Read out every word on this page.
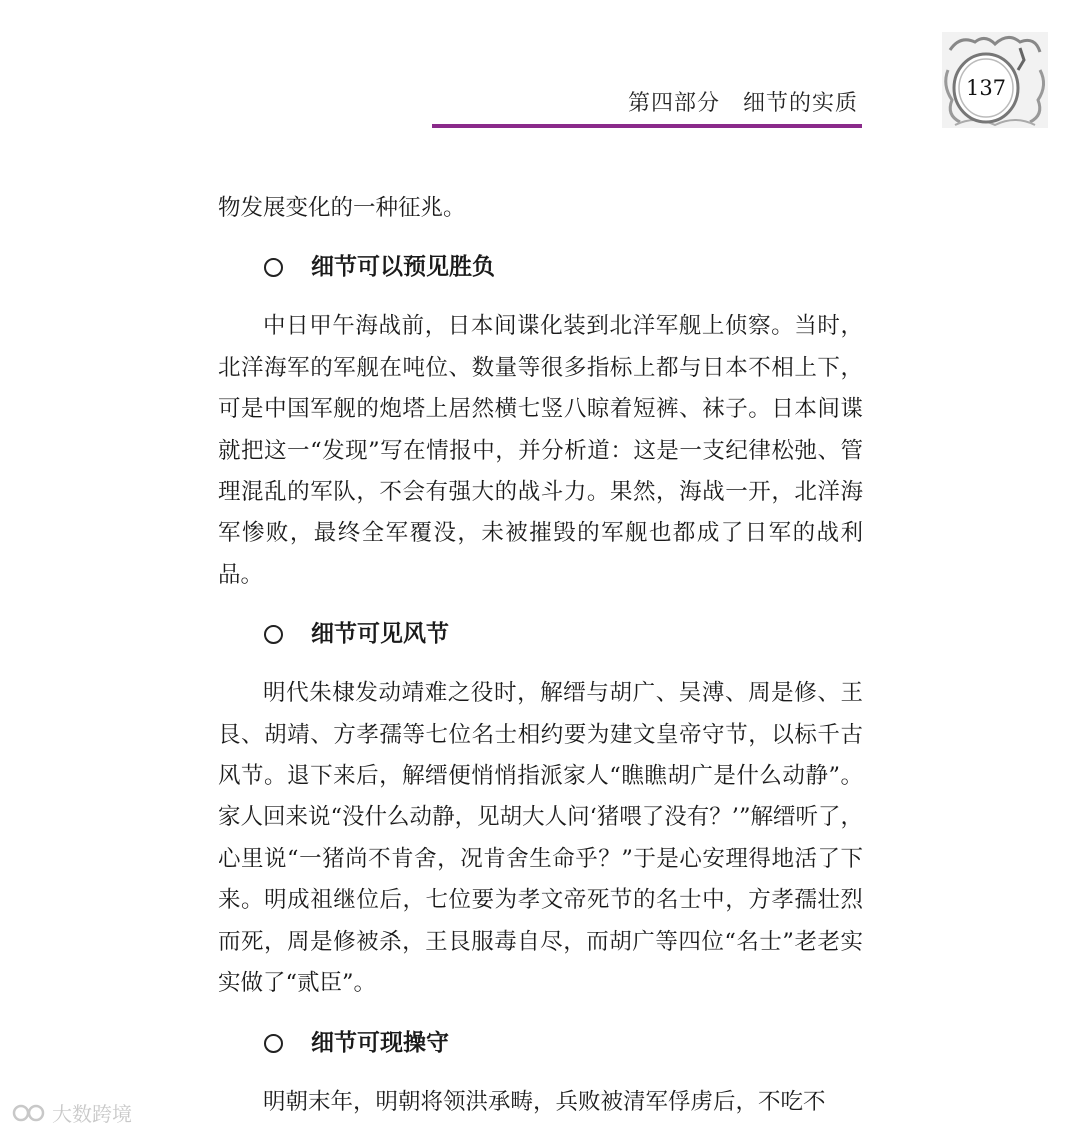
第四部分　细节的实质
137

物发展变化的一种征兆。

细节可以预见胜负

中日甲午海战前，日本间谍化装到北洋军舰上侦察。当时，北洋海军的军舰在吨位、数量等很多指标上都与日本不相上下，可是中国军舰的炮塔上居然横七竖八晾着短裤、袜子。日本间谍就把这一“发现”写在情报中，并分析道：这是一支纪律松弛、管理混乱的军队，不会有强大的战斗力。果然，海战一开，北洋海军惨败，最终全军覆没，未被摧毁的军舰也都成了日军的战利品。

细节可见风节

明代朱棣发动靖难之役时，解缙与胡广、吴溥、周是修、王艮、胡靖、方孝孺等七位名士相约要为建文皇帝守节，以标千古风节。退下来后，解缙便悄悄指派家人“瞧瞧胡广是什么动静”。家人回来说“没什么动静，见胡大人问‘猪喂了没有？’”解缙听了，心里说“一猪尚不肯舍，况肯舍生命乎？”于是心安理得地活了下来。明成祖继位后，七位要为孝文帝死节的名士中，方孝孺壮烈而死，周是修被杀，王艮服毒自尽，而胡广等四位“名士”老老实实做了“贰臣”。

细节可现操守

明朝末年，明朝将领洪承畴，兵败被清军俘虏后，不吃不

大数跨境
